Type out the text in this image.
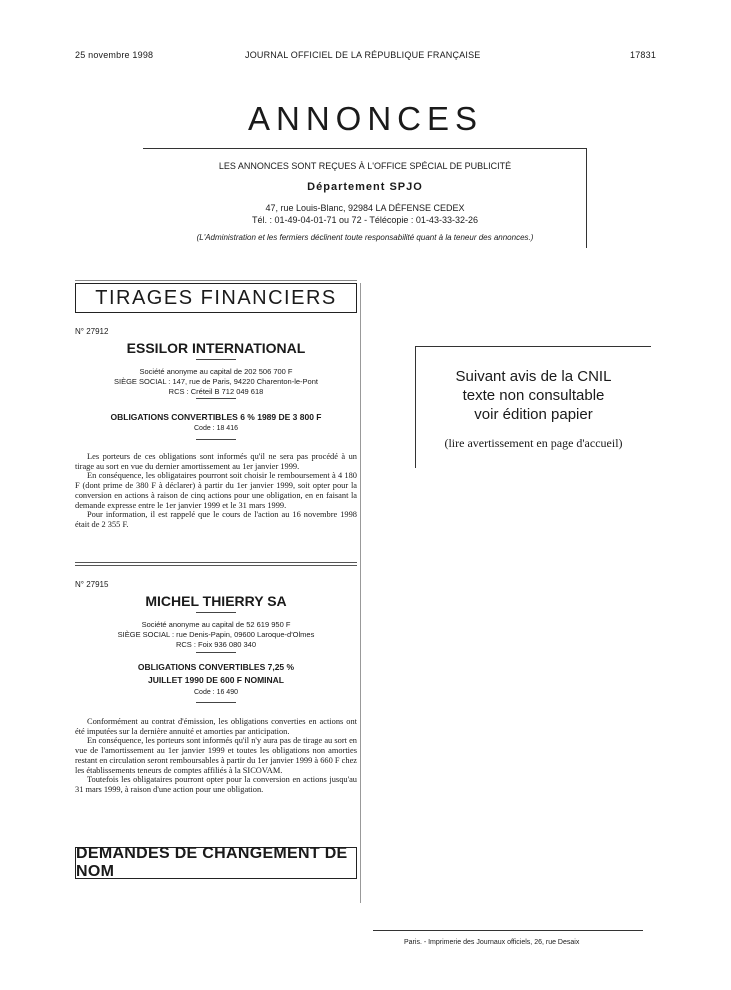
25 novembre 1998	JOURNAL OFFICIEL DE LA RÉPUBLIQUE FRANÇAISE	17831
ANNONCES
LES ANNONCES SONT REÇUES À L'OFFICE SPÉCIAL DE PUBLICITÉ
Département SPJO
47, rue Louis-Blanc, 92984 LA DÉFENSE CEDEX
Tél. : 01-49-04-01-71 ou 72 - Télécopie : 01-43-33-32-26
(L'Administration et les fermiers déclinent toute responsabilité quant à la teneur des annonces.)
TIRAGES FINANCIERS
N° 27912
ESSILOR INTERNATIONAL
Société anonyme au capital de 202 506 700 F
SIÈGE SOCIAL : 147, rue de Paris, 94220 Charenton-le-Pont
RCS : Créteil B 712 049 618
OBLIGATIONS CONVERTIBLES 6 % 1989 DE 3 800 F
Code : 18 416

Les porteurs de ces obligations sont informés qu'il ne sera pas procédé à un tirage au sort en vue du dernier amortissement au 1er janvier 1999.

En conséquence, les obligataires pourront soit choisir le remboursement à 4 180 F (dont prime de 380 F à déclarer) à partir du 1er janvier 1999, soit opter pour la conversion en actions à raison de cinq actions pour une obligation, en en faisant la demande expresse entre le 1er janvier 1999 et le 31 mars 1999.

Pour information, il est rappelé que le cours de l'action au 16 novembre 1998 était de 2 355 F.

N° 27915
MICHEL THIERRY SA
Société anonyme au capital de 52 619 950 F
SIÈGE SOCIAL : rue Denis-Papin, 09600 Laroque-d'Olmes
RCS : Foix 936 080 340
OBLIGATIONS CONVERTIBLES 7,25 %
JUILLET 1990 DE 600 F NOMINAL
Code : 16 490

Conformément au contrat d'émission, les obligations converties en actions ont été imputées sur la dernière annuité et amorties par anticipation.

En conséquence, les porteurs sont informés qu'il n'y aura pas de tirage au sort en vue de l'amortissement au 1er janvier 1999 et toutes les obligations non amorties restant en circulation seront remboursables à partir du 1er janvier 1999 à 660 F chez les établissements teneurs de comptes affiliés à la SICOVAM.

Toutefois les obligataires pourront opter pour la conversion en actions jusqu'au 31 mars 1999, à raison d'une action pour une obligation.

DEMANDES DE CHANGEMENT DE NOM
Suivant avis de la CNIL
texte non consultable
voir édition papier
(lire avertissement en page d'accueil)
Paris. - Imprimerie des Journaux officiels, 26, rue Desaix
